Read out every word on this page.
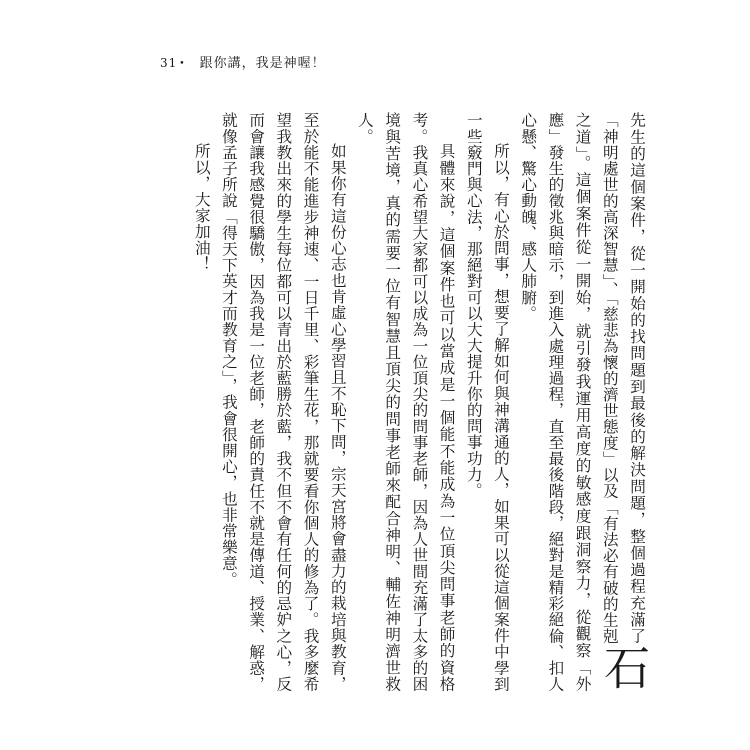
31 •	跟你講，我是神喔！

石
先生的這個案件，從一開始的找問題到最後的解決問題，整個過程充滿了「神明處世的高深智慧」、「慈悲為懷的濟世態度」以及「有法必有破的生剋之道」。這個案件從一開始，就引發我運用高度的敏感度跟洞察力，從觀察「外應」發生的徵兆與暗示，到進入處理過程，直至最後階段，絕對是精彩絕倫、扣人心懸、驚心動魄、感人肺腑。

所以，有心於問事，想要了解如何與神溝通的人，如果可以從這個案件中學到一些竅門與心法，那絕對可以大大提升你的問事功力。

具體來說，這個案件也可以當成是一個能不能成為一位頂尖問事老師的資格考。我真心希望大家都可以成為一位頂尖的問事老師，因為人世間充滿了太多的困境與苦境，真的需要一位有智慧且頂尖的問事老師來配合神明、輔佐神明濟世救人。

如果你有這份心志也肯虛心學習且不恥下問，宗天宮將會盡力的栽培與教育，至於能不能進步神速、一日千里、彩筆生花，那就要看你個人的修為了。我多麼希望我教出來的學生每位都可以青出於藍勝於藍，我不但不會有任何的忌妒之心，反而會讓我感覺很驕傲，因為我是一位老師，老師的責任不就是傳道、授業、解惑，就像孟子所說「得天下英才而教育之」，我會很開心，也非常樂意。

所以，大家加油！
